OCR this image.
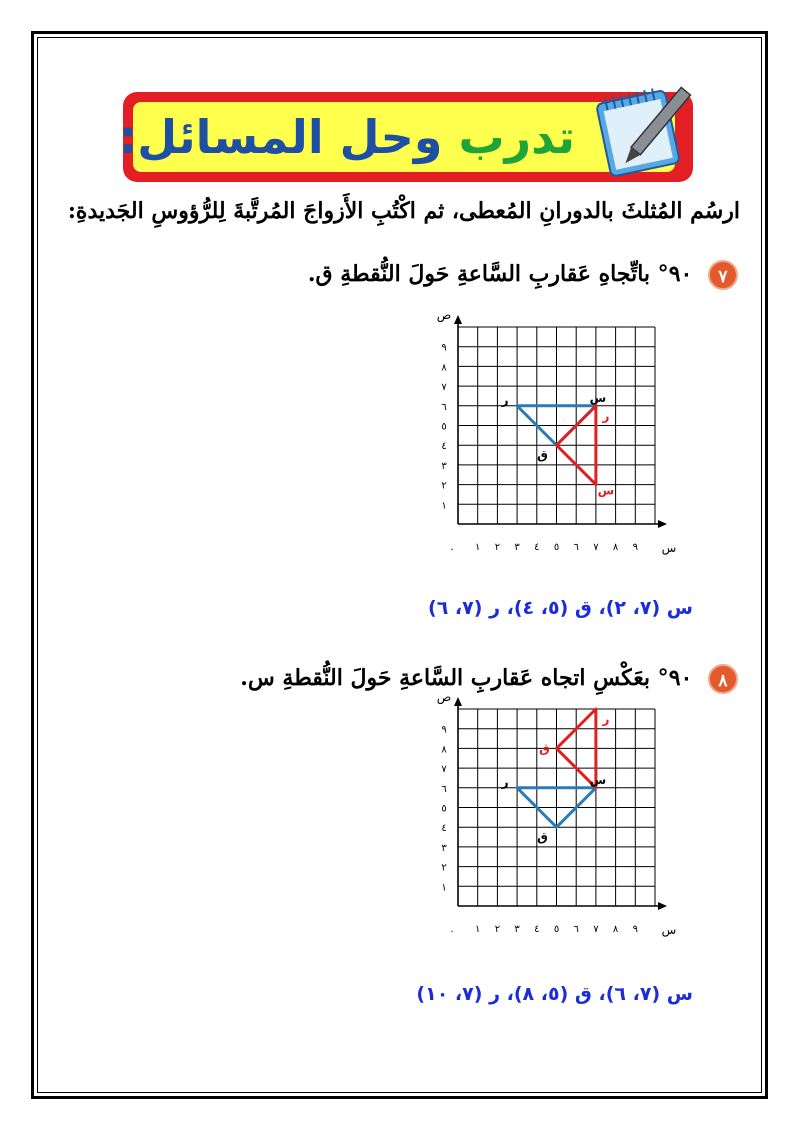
تدرب وحل المسائل:
ارسُم المُثلثَ بالدورانِ المُعطى، ثم اكْتُبِ الأَزواجَ المُرتَّبةَ لِلرُّؤوسِ الجَديدةِ:
٧ ٩٠° باتِّجاهِ عَقاربِ السَّاعةِ حَولَ النُّقطةِ ق.
٨ ٩٠° بعَكْسِ اتجاه عَقاربِ السَّاعةِ حَولَ النُّقطةِ س.
١ ٢ ٣ ٤ ٥ ٦ ٧ ٨ ٩
١
٢
٣
٤
٥
٦
٧
٨
٩
٠	س
ص
س
ق
ر
ر
س
١ ٢ ٣ ٤ ٥ ٦ ٧ ٨ ٩
١
٢
٣
٤
٥
٦
٧
٨
٩
٠	س
ص
س
ق
ر
ق
ر
س (٧، ٢)، ق (٥، ٤)، ر (٧، ٦)
س (٧، ٦)، ق (٥، ٨)، ر (٧، ١٠)
